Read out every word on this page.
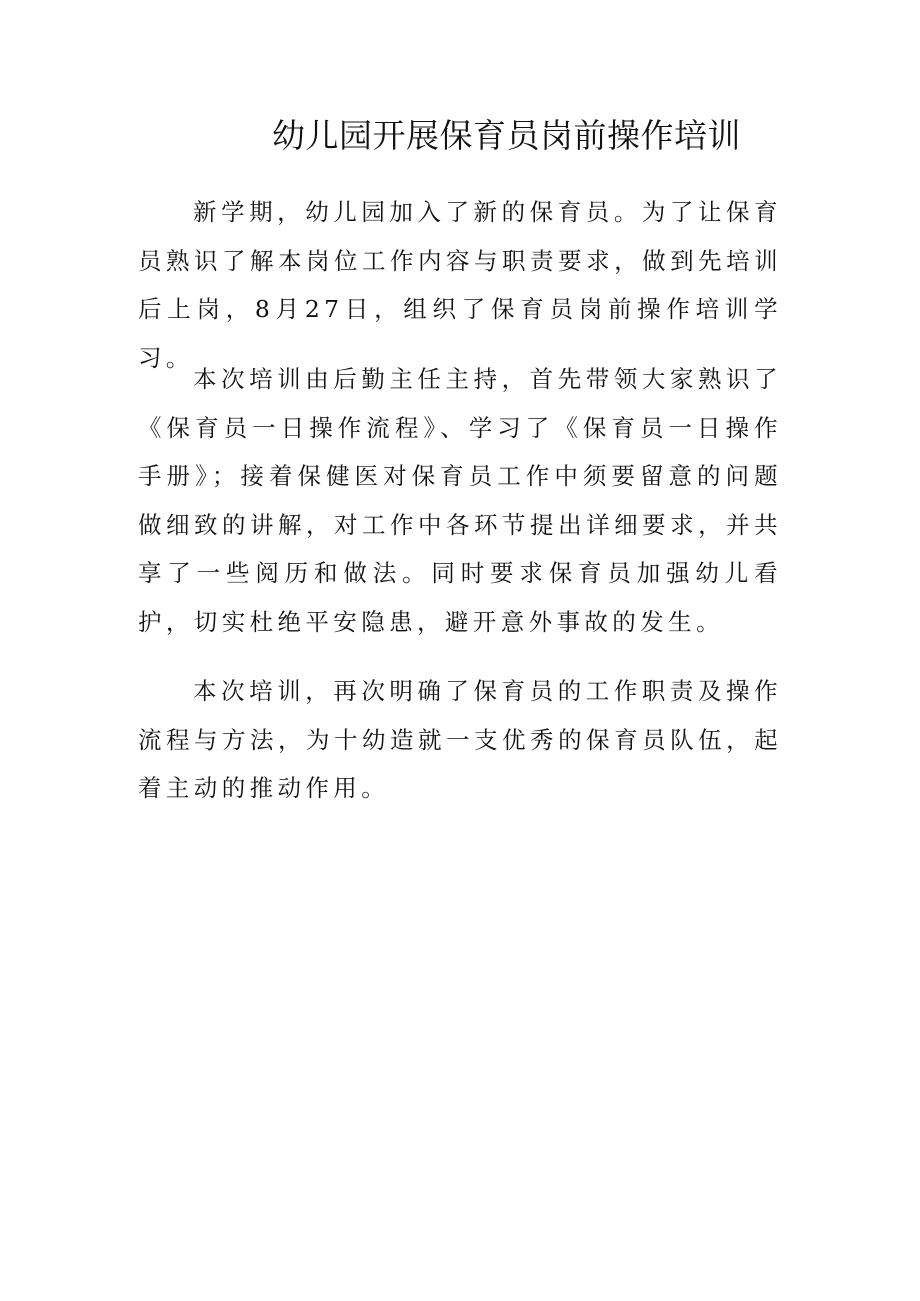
幼儿园开展保育员岗前操作培训

新学期，幼儿园加入了新的保育员。为了让保育员熟识了解本岗位工作内容与职责要求，做到先培训后上岗，8月27日，组织了保育员岗前操作培训学习。

本次培训由后勤主任主持，首先带领大家熟识了《保育员一日操作流程》、学习了《保育员一日操作手册》；接着保健医对保育员工作中须要留意的问题做细致的讲解，对工作中各环节提出详细要求，并共享了一些阅历和做法。同时要求保育员加强幼儿看护，切实杜绝平安隐患，避开意外事故的发生。

本次培训，再次明确了保育员的工作职责及操作流程与方法，为十幼造就一支优秀的保育员队伍，起着主动的推动作用。
